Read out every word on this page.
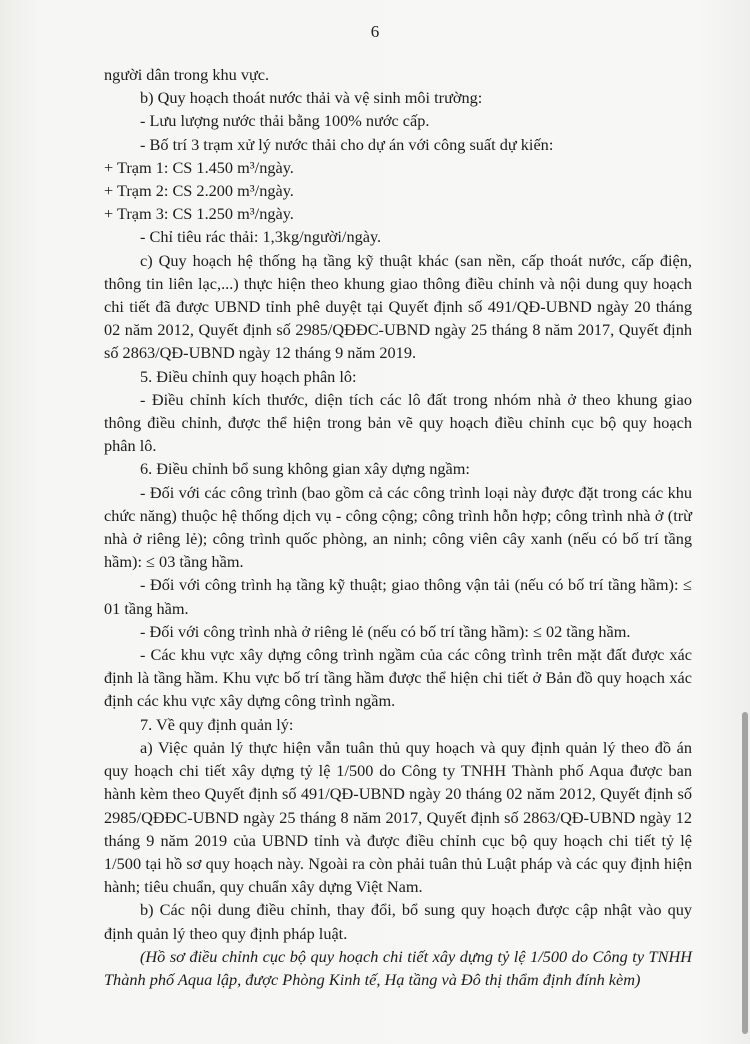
6

người dân trong khu vực.

b) Quy hoạch thoát nước thải và vệ sinh môi trường:

- Lưu lượng nước thải bằng 100% nước cấp.

- Bố trí 3 trạm xử lý nước thải cho dự án với công suất dự kiến:

+ Trạm 1: CS 1.450 m³/ngày.

+ Trạm 2: CS 2.200 m³/ngày.

+ Trạm 3: CS 1.250 m³/ngày.

- Chỉ tiêu rác thải: 1,3kg/người/ngày.

c) Quy hoạch hệ thống hạ tầng kỹ thuật khác (san nền, cấp thoát nước, cấp điện, thông tin liên lạc,...) thực hiện theo khung giao thông điều chỉnh và nội dung quy hoạch chi tiết đã được UBND tỉnh phê duyệt tại Quyết định số 491/QĐ-UBND ngày 20 tháng 02 năm 2012, Quyết định số 2985/QĐĐC-UBND ngày 25 tháng 8 năm 2017, Quyết định số 2863/QĐ-UBND ngày 12 tháng 9 năm 2019.

5. Điều chỉnh quy hoạch phân lô:

- Điều chỉnh kích thước, diện tích các lô đất trong nhóm nhà ở theo khung giao thông điều chỉnh, được thể hiện trong bản vẽ quy hoạch điều chỉnh cục bộ quy hoạch phân lô.

6. Điều chỉnh bổ sung không gian xây dựng ngầm:

- Đối với các công trình (bao gồm cả các công trình loại này được đặt trong các khu chức năng) thuộc hệ thống dịch vụ - công cộng; công trình hỗn hợp; công trình nhà ở (trừ nhà ở riêng lẻ); công trình quốc phòng, an ninh; công viên cây xanh (nếu có bố trí tầng hầm): ≤ 03 tầng hầm.

- Đối với công trình hạ tầng kỹ thuật; giao thông vận tải (nếu có bố trí tầng hầm): ≤ 01 tầng hầm.

- Đối với công trình nhà ở riêng lẻ (nếu có bố trí tầng hầm): ≤ 02 tầng hầm.

- Các khu vực xây dựng công trình ngầm của các công trình trên mặt đất được xác định là tầng hầm. Khu vực bố trí tầng hầm được thể hiện chi tiết ở Bản đồ quy hoạch xác định các khu vực xây dựng công trình ngầm.

7. Về quy định quản lý:

a) Việc quản lý thực hiện vẫn tuân thủ quy hoạch và quy định quản lý theo đồ án quy hoạch chi tiết xây dựng tỷ lệ 1/500 do Công ty TNHH Thành phố Aqua được ban hành kèm theo Quyết định số 491/QĐ-UBND ngày 20 tháng 02 năm 2012, Quyết định số 2985/QĐĐC-UBND ngày 25 tháng 8 năm 2017, Quyết định số 2863/QĐ-UBND ngày 12 tháng 9 năm 2019 của UBND tỉnh và được điều chỉnh cục bộ quy hoạch chi tiết tỷ lệ 1/500 tại hồ sơ quy hoạch này. Ngoài ra còn phải tuân thủ Luật pháp và các quy định hiện hành; tiêu chuẩn, quy chuẩn xây dựng Việt Nam.

b) Các nội dung điều chỉnh, thay đổi, bổ sung quy hoạch được cập nhật vào quy định quản lý theo quy định pháp luật.

(Hồ sơ điều chỉnh cục bộ quy hoạch chi tiết xây dựng tỷ lệ 1/500 do Công ty TNHH Thành phố Aqua lập, được Phòng Kinh tế, Hạ tầng và Đô thị thẩm định đính kèm)
